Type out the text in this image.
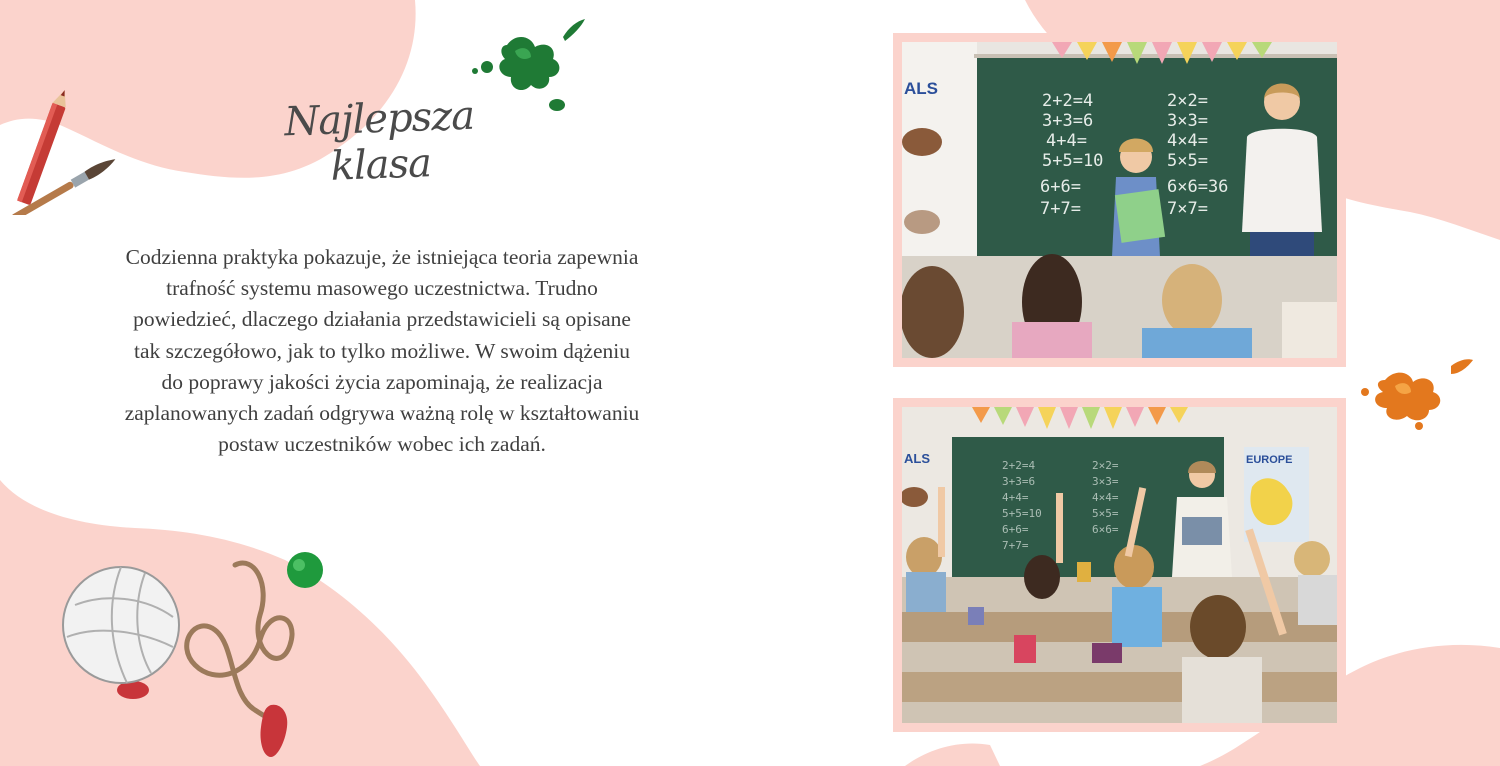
Najlepsza
klasa

Codzienna praktyka pokazuje, że istniejąca teoria zapewnia trafność systemu masowego uczestnictwa. Trudno powiedzieć, dlaczego działania przedstawicieli są opisane tak szczegółowo, jak to tylko możliwe. W swoim dążeniu do poprawy jakości życia zapominają, że realizacja zaplanowanych zadań odgrywa ważną rolę w kształtowaniu postaw uczestników wobec ich zadań.

ALS
2+2=4
3+3=6
4+4=
5+5=10
6+6=
7+7=
2×2=
3×3=
4×4=
5×5=
6×6=36
7×7=
ALS	2+2=4
3+3=6
4+4=
5+5=10
6+6=
7+7=
2×2=
3×3=
4×4=
5×5=
6×6=
EUROPE
